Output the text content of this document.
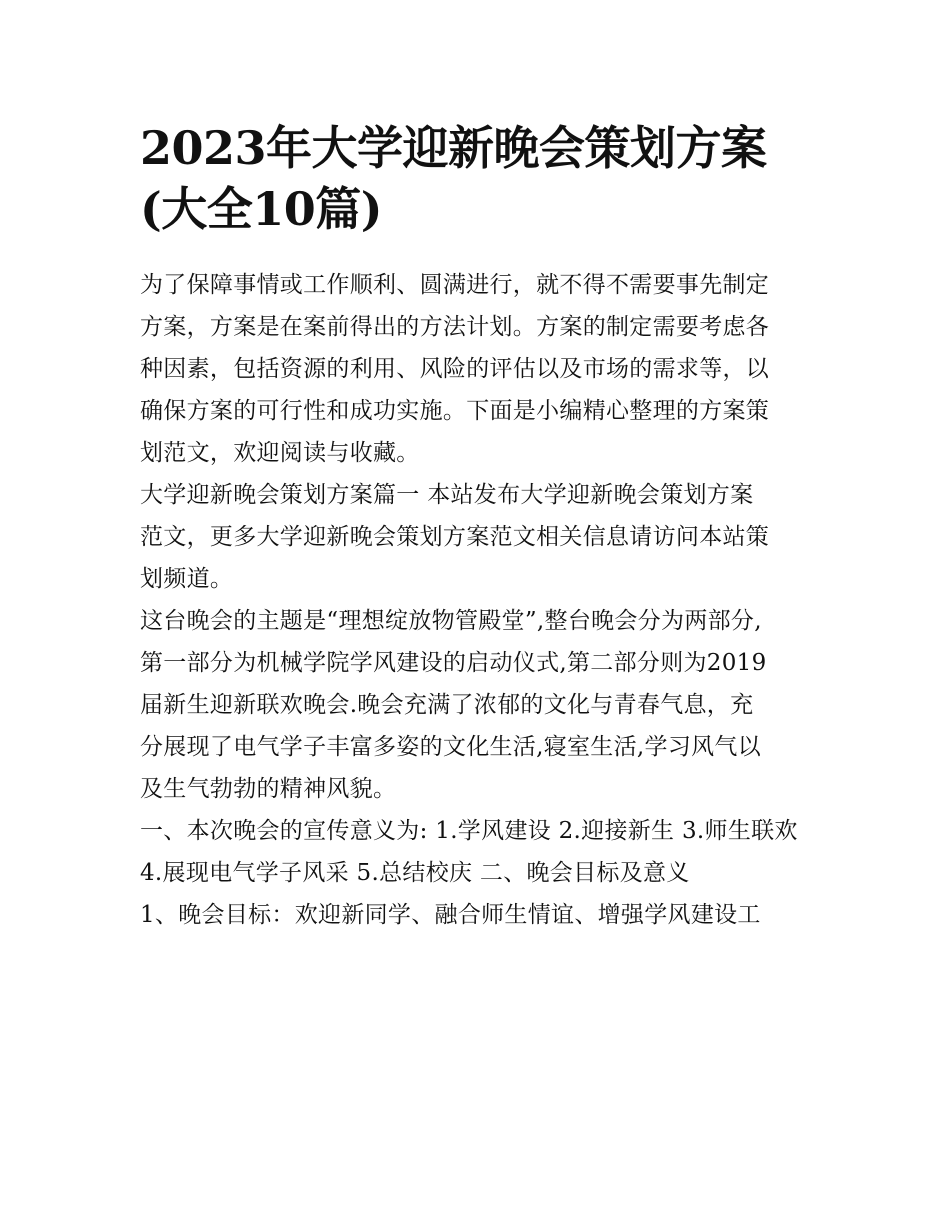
2023年大学迎新晚会策划方案
(大全10篇)

为了保障事情或工作顺利、圆满进行，就不得不需要事先制定
方案，方案是在案前得出的方法计划。方案的制定需要考虑各
种因素，包括资源的利用、风险的评估以及市场的需求等，以
确保方案的可行性和成功实施。下面是小编精心整理的方案策
划范文，欢迎阅读与收藏。

大学迎新晚会策划方案篇一 本站发布大学迎新晚会策划方案
范文，更多大学迎新晚会策划方案范文相关信息请访问本站策
划频道。

这台晚会的主题是“理想绽放物管殿堂”,整台晚会分为两部分,
第一部分为机械学院学风建设的启动仪式,第二部分则为2019
届新生迎新联欢晚会.晚会充满了浓郁的文化与青春气息，充
分展现了电气学子丰富多姿的文化生活,寝室生活,学习风气以
及生气勃勃的精神风貌。

一、本次晚会的宣传意义为: 1.学风建设 2.迎接新生 3.师生联欢
4.展现电气学子风采 5.总结校庆 二、晚会目标及意义

1、晚会目标：欢迎新同学、融合师生情谊、增强学风建设工
